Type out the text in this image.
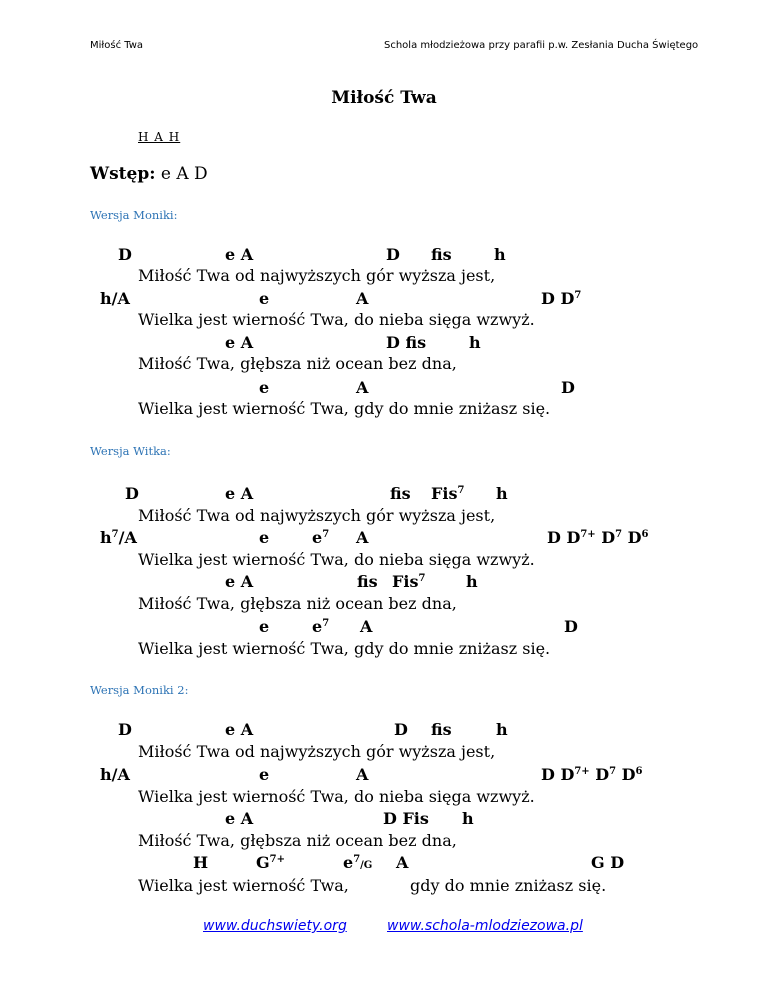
Miłość Twa	Schola młodzieżowa przy parafii p.w. Zesłania Ducha Świętego
Miłość Twa
H A H
Wstęp: e A D
Wersja Moniki:
D	e A	D fis	h
Miłość Twa od najwyższych gór wyższa jest,
h/A	e	A	D $D^7$
Wielka jest wierność Twa, do nieba sięga wzwyż.
e A	D fis	h
Miłość Twa, głębsza niż ocean bez dna,
e	A	D
Wielka jest wierność Twa, gdy do mnie zniżasz się.
Wersja Witka:
D	e A	fis Fis$^7$ h
Miłość Twa od najwyższych gór wyższa jest,
$h^7/A$	e	$e^7$ A	D $D^{7+}$ $D^7$ $D^6$
Wielka jest wierność Twa, do nieba sięga wzwyż.
e A	fis Fis$^7$	h
Miłość Twa, głębsza niż ocean bez dna,
e	$e^7$ A	D
Wielka jest wierność Twa, gdy do mnie zniżasz się.
Wersja Moniki 2:
D	e A	D fis	h
Miłość Twa od najwyższych gór wyższa jest,
h/A	e	A	D $D^{7+}$ $D^7$ $D^6$
Wielka jest wierność Twa, do nieba sięga wzwyż.
e A	D Fis h
Miłość Twa, głębsza niż ocean bez dna,
H	$G^{7+}$	$e^7/G$ A	G D
Wielka jest wierność Twa,	gdy do mnie zniżasz się.
www.duchswiety.org	www.schola-mlodziezowa.pl
